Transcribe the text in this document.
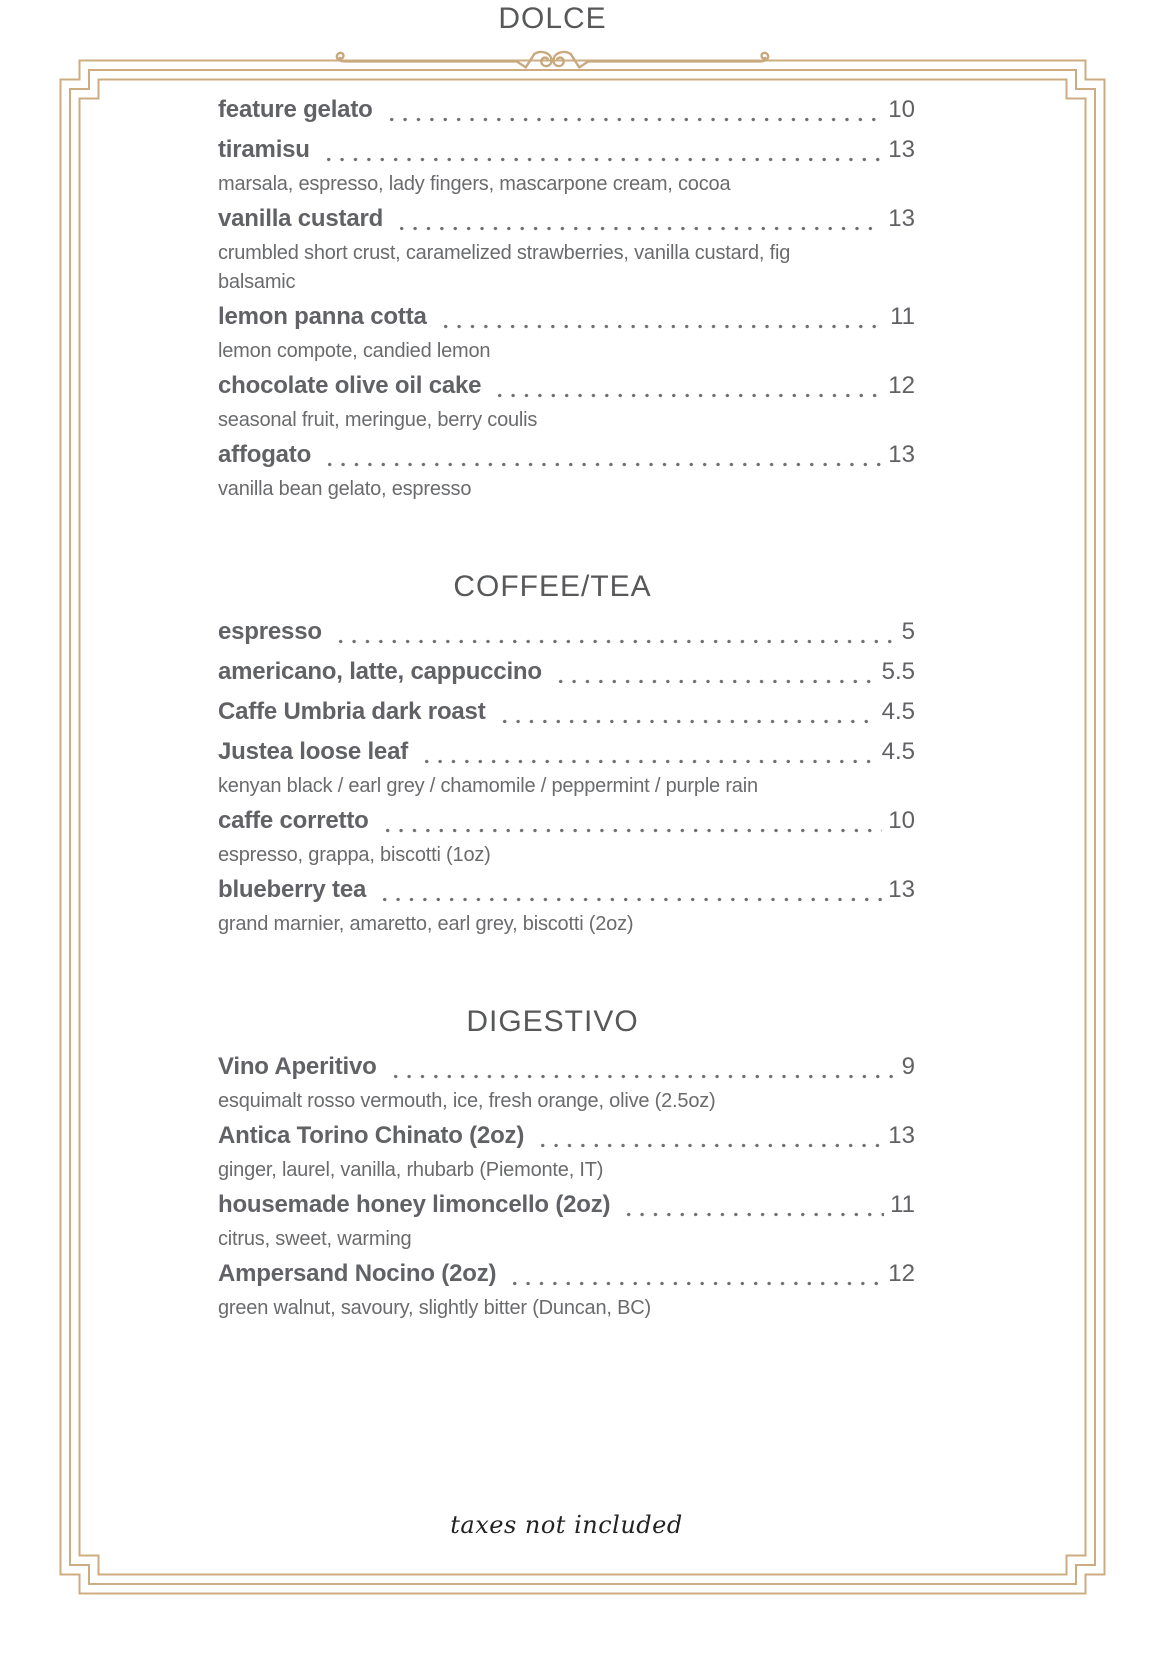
DOLCE
feature gelato	10
tiramisu	13
marsala, espresso, lady fingers, mascarpone cream, cocoa
vanilla custard	13
crumbled short crust, caramelized strawberries, vanilla custard, fig balsamic
lemon panna cotta	11
lemon compote, candied lemon
chocolate olive oil cake	12
seasonal fruit, meringue, berry coulis
affogato	13
vanilla bean gelato, espresso
COFFEE/TEA
espresso	5
americano, latte, cappuccino	5.5
Caffe Umbria dark roast	4.5
Justea loose leaf	4.5
kenyan black / earl grey / chamomile / peppermint / purple rain
caffe corretto	10
espresso, grappa, biscotti (1oz)
blueberry tea	13
grand marnier, amaretto, earl grey, biscotti (2oz)
DIGESTIVO
Vino Aperitivo	9
esquimalt rosso vermouth, ice, fresh orange, olive (2.5oz)
Antica Torino Chinato (2oz)	13
ginger, laurel, vanilla, rhubarb (Piemonte, IT)
housemade honey limoncello (2oz)	11
citrus, sweet, warming
Ampersand Nocino (2oz)	12
green walnut, savoury, slightly bitter (Duncan, BC)
taxes not included
